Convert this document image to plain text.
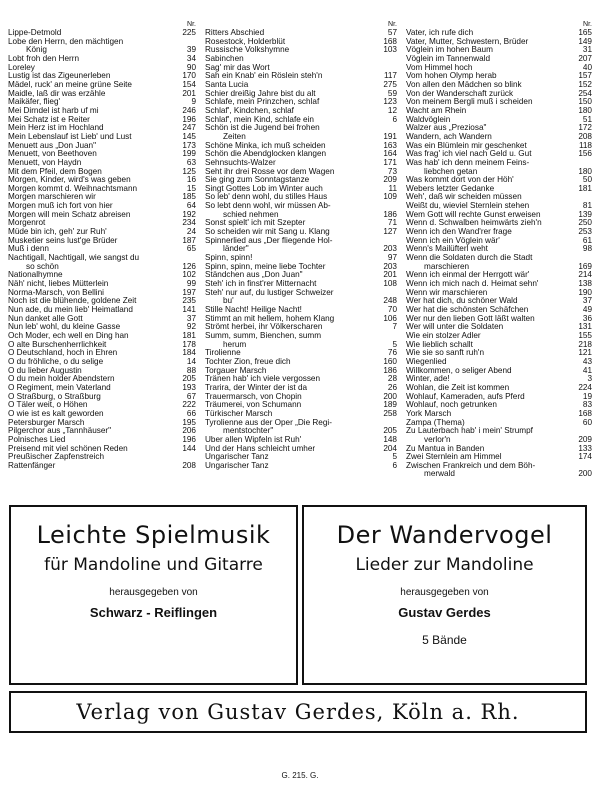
Nr.
Lippe-Detmold	225
Lobe den Herrn, den mächtigen
König	39
Lobt froh den Herrn	34
Loreley	90
Lustig ist das Zigeunerleben	170
Mädel, ruck' an meine grüne Seite	154
Maidle, laß dir was erzähle	201
Maikäfer, flieg'	9
Mei Dirndel ist harb uf mi	246
Mei Schatz ist e Reiter	196
Mein Herz ist im Hochland	247
Mein Lebenslauf ist Lieb' und Lust	145
Menuett aus „Don Juan"	173
Menuett, von Beethoven	199
Menuett, von Haydn	63
Mit dem Pfeil, dem Bogen	125
Morgen, Kinder, wird's was geben	16
Morgen kommt d. Weihnachtsmann	15
Morgen marschieren wir	185
Morgen muß ich fort von hier	64
Morgen will mein Schatz abreisen	192
Morgenrot	234
Müde bin ich, geh' zur Ruh'	24
Musketier seins lust'ge Brüder	187
Muß i denn	65
Nachtigall, Nachtigall, wie sangst du
so schön	126
Nationalhymne	102
Näh' nicht, liebes Mütterlein	99
Norma-Marsch, von Bellini	197
Noch ist die blühende, goldene Zeit	235
Nun ade, du mein lieb' Heimatland	141
Nun danket alle Gott	37
Nun leb' wohl, du kleine Gasse	92
Och Moder, ech well en Ding han	181
O alte Burschenherrlichkeit	178
O Deutschland, hoch in Ehren	184
O du fröhliche, o du selige	14
O du lieber Augustin	88
O du mein holder Abendstern	205
O Regiment, mein Vaterland	193
O Straßburg, o Straßburg	67
O Täler weit, o Höhen	222
O wie ist es kalt geworden	66
Petersburger Marsch	195
Pilgerchor aus „Tannhäuser"	206
Polnisches Lied	196
Preisend mit viel schönen Reden	144
Preußischer Zapfenstreich
Rattenfänger	208
Nr.
Ritters Abschied	57
Rosestock, Holderblüt	168
Russische Volkshymne	103
Sabinchen
Sag' mir das Wort
Sah ein Knab' ein Röslein steh'n	117
Santa Lucia	275
Schier dreißig Jahre bist du alt	59
Schlafe, mein Prinzchen, schlaf	123
Schlaf', Kindchen, schlaf	12
Schlaf', mein Kind, schlafe ein	6
Schön ist die Jugend bei frohen
Zeiten	191
Schöne Minka, ich muß scheiden	163
Schön die Abendglocken klangen	164
Sehnsuchts-Walzer	171
Seht ihr drei Rosse vor dem Wagen	73
Sie ging zum Sonntagstanze	209
Singt Gottes Lob im Winter auch	11
So leb' denn wohl, du stilles Haus	109
So lebt denn wohl, wir müssen Ab-
schied nehmen	186
Sonst spielt' ich mit Szepter	71
So scheiden wir mit Sang u. Klang	127
Spinnerlied aus „Der fliegende Hol-
länder"	203
Spinn, spinn!	97
Spinn, spinn, meine liebe Tochter	203
Ständchen aus „Don Juan"	201
Steh' ich in finst'rer Mitternacht	108
Steh' nur auf, du lustiger Schweizer
bu'	248
Stille Nacht! Heilige Nacht!	70
Stimmt an mit hellem, hohem Klang	106
Strömt herbei, ihr Völkerscharen	7
Summ, summ, Bienchen, summ
herum	5
Tirolienne	76
Tochter Zion, freue dich	160
Torgauer Marsch	186
Tränen hab' ich viele vergossen	28
Trarira, der Winter der ist da	26
Trauermarsch, von Chopin	200
Träumerei, von Schumann	189
Türkischer Marsch	258
Tyrolienne aus der Oper „Die Regi-
mentstochter"	205
Über allen Wipfeln ist Ruh'	148
Und der Hans schleicht umher	204
Ungarischer Tanz	5
Ungarischer Tanz	6
Nr.
Vater, ich rufe dich	165
Vater, Mutter, Schwestern, Brüder	149
Vöglein im hohen Baum	31
Vöglein im Tannenwald	207
Vom Himmel hoch	40
Vom hohen Olymp herab	157
Von allen den Mädchen so blink	152
Von der Wanderschaft zurück	254
Von meinem Bergli muß i scheiden	150
Wacht am Rhein	180
Waldvöglein	51
Walzer aus „Preziosa"	172
Wandern, ach Wandern	208
Was ein Blümlein mir geschenket	118
Was frag' ich viel nach Geld u. Gut	156
Was hab' ich denn meinem Feins-
liebchen getan	180
Was kommt dort von der Höh'	50
Webers letzter Gedanke	181
Weh', daß wir scheiden müssen
Weißt du, wieviel Sternlein stehen	81
Wem Gott will rechte Gunst erweisen	139
Wenn d. Schwalben heimwärts zieh'n	250
Wenn ich den Wand'rer frage	253
Wenn ich ein Vöglein wär'	61
Wenn's Mailüfterl weht	98
Wenn die Soldaten durch die Stadt
marschieren	169
Wenn ich einmal der Herrgott wär'	214
Wenn ich mich nach d. Heimat sehn'	138
Wenn wir marschieren	190
Wer hat dich, du schöner Wald	37
Wer hat die schönsten Schäfchen	49
Wer nur den lieben Gott läßt walten	36
Wer will unter die Soldaten	131
Wie ein stolzer Adler	155
Wie lieblich schallt	218
Wie sie so sanft ruh'n	121
Wiegenlied	43
Willkommen, o seliger Abend	41
Winter, ade!	3
Wohlan, die Zeit ist kommen	224
Wohlauf, Kameraden, aufs Pferd	19
Wohlauf, noch getrunken	83
York Marsch	168
Zampa (Thema)	60
Zu Lauterbach hab' i mein' Strumpf
verlor'n	209
Zu Mantua in Banden	133
Zwei Sternlein am Himmel	174
Zwischen Frankreich und dem Böh-
merwald	200
Leichte Spielmusik
für Mandoline und Gitarre
herausgegeben von
Schwarz - Reiflingen
Der Wandervogel
Lieder zur Mandoline
herausgegeben von
Gustav Gerdes
5 Bände
Verlag von Gustav Gerdes, Köln a. Rh.
G. 215. G.
